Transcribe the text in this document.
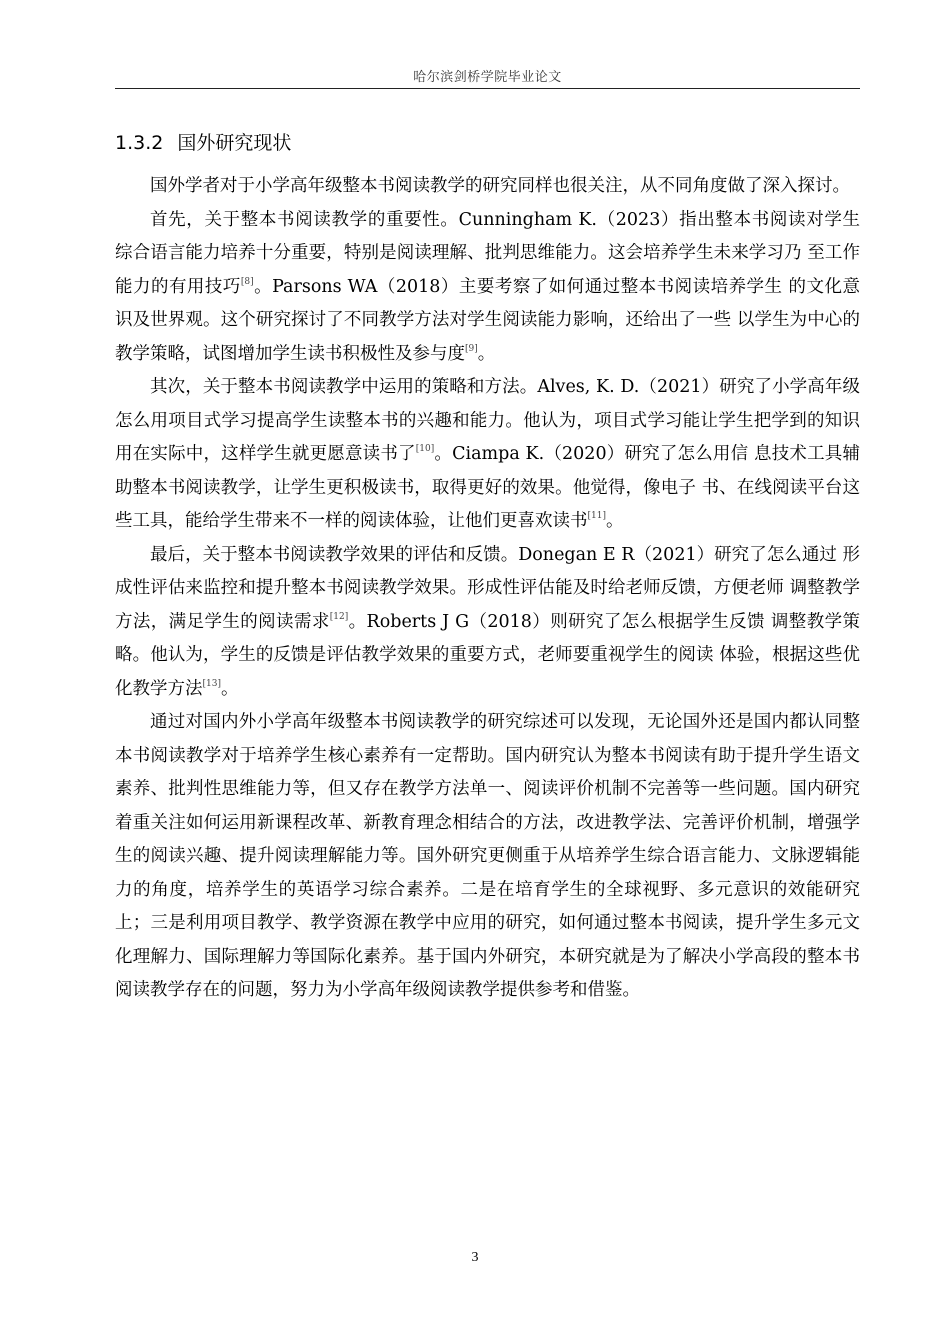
哈尔滨剑桥学院毕业论文
1.3.2 国外研究现状

国外学者对于小学高年级整本书阅读教学的研究同样也很关注，从不同角度做了深入探讨。

首先，关于整本书阅读教学的重要性。Cunningham K.（2023）指出整本书阅读对学生 综合语言能力培养十分重要，特别是阅读理解、批判思维能力。这会培养学生未来学习乃 至工作能力的有用技巧[8]。Parsons WA（2018）主要考察了如何通过整本书阅读培养学生 的文化意识及世界观。这个研究探讨了不同教学方法对学生阅读能力影响，还给出了一些 以学生为中心的教学策略，试图增加学生读书积极性及参与度[9]。

其次，关于整本书阅读教学中运用的策略和方法。Alves, K. D.（2021）研究了小学高年级怎么用项目式学习提高学生读整本书的兴趣和能力。他认为，项目式学习能让学生把学到的知识用在实际中，这样学生就更愿意读书了[10]。Ciampa K.（2020）研究了怎么用信 息技术工具辅助整本书阅读教学，让学生更积极读书，取得更好的效果。他觉得，像电子 书、在线阅读平台这些工具，能给学生带来不一样的阅读体验，让他们更喜欢读书[11]。

最后，关于整本书阅读教学效果的评估和反馈。Donegan E R（2021）研究了怎么通过 形成性评估来监控和提升整本书阅读教学效果。形成性评估能及时给老师反馈，方便老师 调整教学方法，满足学生的阅读需求[12]。Roberts J G（2018）则研究了怎么根据学生反馈 调整教学策略。他认为，学生的反馈是评估教学效果的重要方式，老师要重视学生的阅读 体验，根据这些优化教学方法[13]。

通过对国内外小学高年级整本书阅读教学的研究综述可以发现，无论国外还是国内都认同整本书阅读教学对于培养学生核心素养有一定帮助。国内研究认为整本书阅读有助于提升学生语文素养、批判性思维能力等，但又存在教学方法单一、阅读评价机制不完善等一些问题。国内研究着重关注如何运用新课程改革、新教育理念相结合的方法，改进教学法、完善评价机制，增强学生的阅读兴趣、提升阅读理解能力等。国外研究更侧重于从培养学生综合语言能力、文脉逻辑能力的角度，培养学生的英语学习综合素养。二是在培育学生的全球视野、多元意识的效能研究上；三是利用项目教学、教学资源在教学中应用的研究，如何通过整本书阅读，提升学生多元文化理解力、国际理解力等国际化素养。基于国内外研究，本研究就是为了解决小学高段的整本书阅读教学存在的问题，努力为小学高年级阅读教学提供参考和借鉴。

3
